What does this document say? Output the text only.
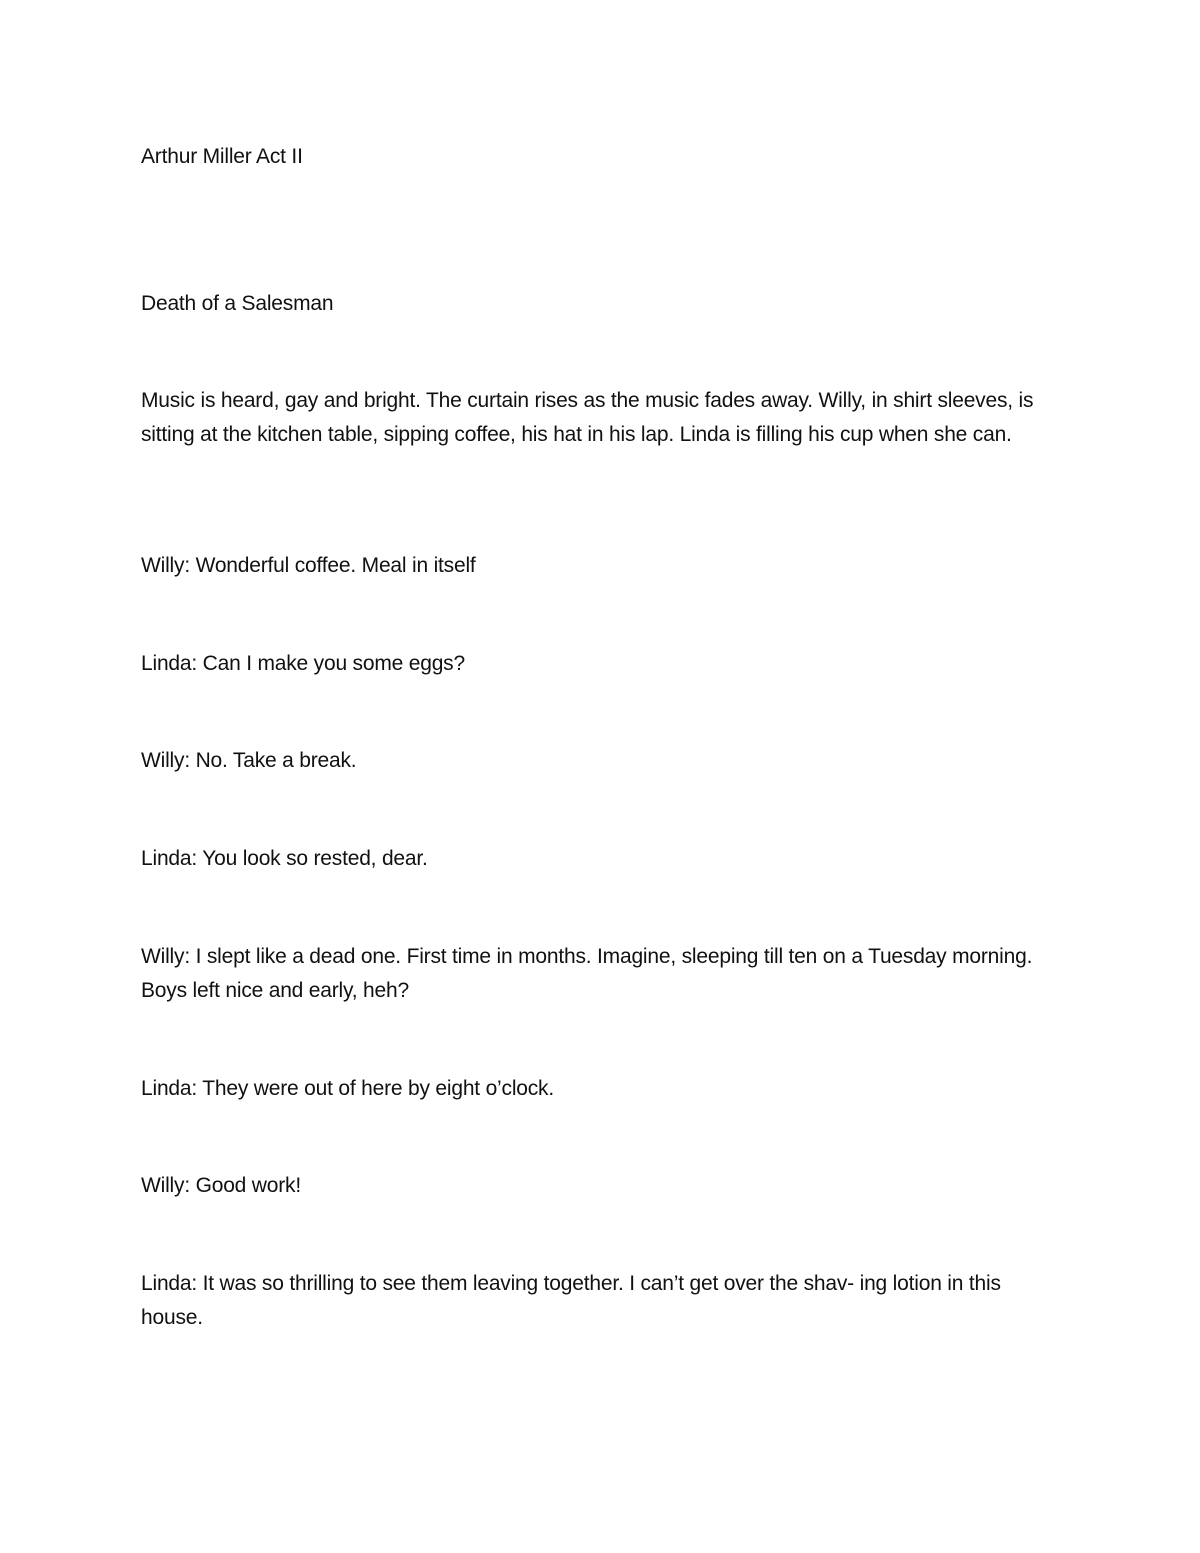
Arthur Miller Act II
Death of a Salesman
Music is heard, gay and bright. The curtain rises as the music fades away. Willy, in shirt sleeves, is sitting at the kitchen table, sipping coffee, his hat in his lap. Linda is filling his cup when she can.
Willy: Wonderful coffee. Meal in itself
Linda: Can I make you some eggs?
Willy: No. Take a break.
Linda: You look so rested, dear.
Willy: I slept like a dead one. First time in months. Imagine, sleeping till ten on a Tuesday morning. Boys left nice and early, heh?
Linda: They were out of here by eight o’clock.
Willy: Good work!
Linda: It was so thrilling to see them leaving together. I can’t get over the shav- ing lotion in this house.
